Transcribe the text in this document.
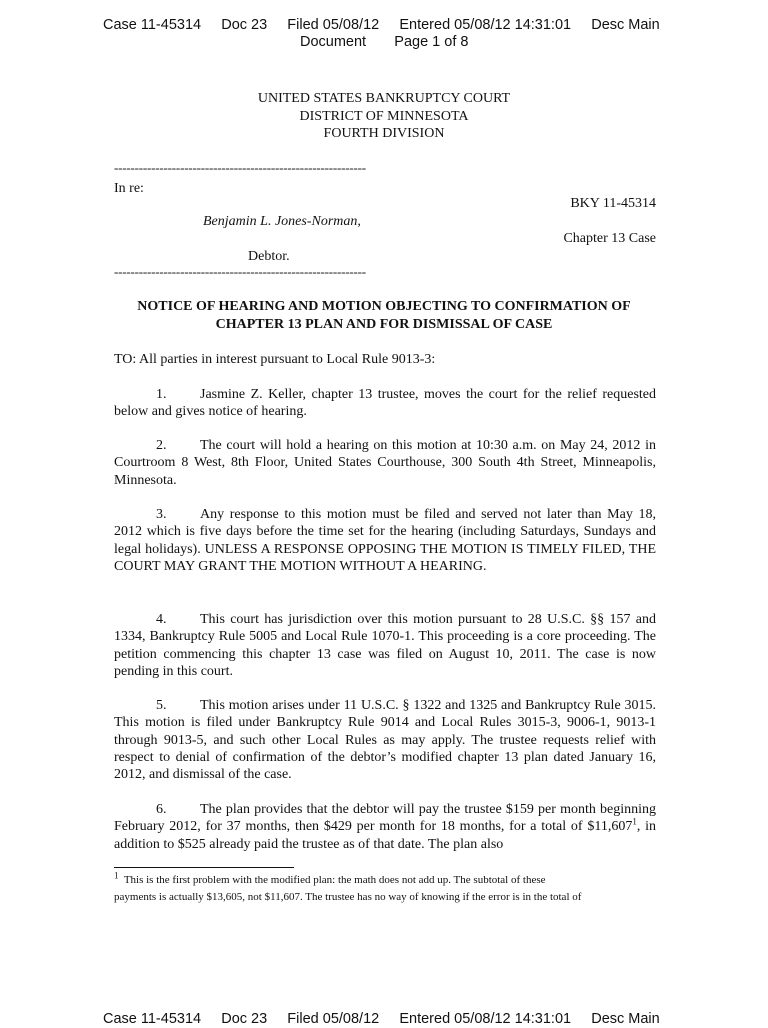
Case 11-45314     Doc 23     Filed 05/08/12     Entered 05/08/12 14:31:01     Desc Main
Document       Page 1 of 8
UNITED STATES BANKRUPTCY COURT
DISTRICT OF MINNESOTA
FOURTH DIVISION
-------------------------------------------------------------
In re:
BKY 11-45314
Benjamin L. Jones-Norman,
Chapter 13 Case
Debtor.
-------------------------------------------------------------
NOTICE OF HEARING AND MOTION OBJECTING TO CONFIRMATION OF
CHAPTER 13 PLAN AND FOR DISMISSAL OF CASE
TO: All parties in interest pursuant to Local Rule 9013-3:

1. Jasmine Z. Keller, chapter 13 trustee, moves the court for the relief requested below and gives notice of hearing.

2. The court will hold a hearing on this motion at 10:30 a.m. on May 24, 2012 in Courtroom 8 West, 8th Floor, United States Courthouse, 300 South 4th Street, Minneapolis, Minnesota.

3. Any response to this motion must be filed and served not later than May 18, 2012 which is five days before the time set for the hearing (including Saturdays, Sundays and legal holidays). UNLESS A RESPONSE OPPOSING THE MOTION IS TIMELY FILED, THE COURT MAY GRANT THE MOTION WITHOUT A HEARING.

4. This court has jurisdiction over this motion pursuant to 28 U.S.C. §§ 157 and 1334, Bankruptcy Rule 5005 and Local Rule 1070-1. This proceeding is a core proceeding. The petition commencing this chapter 13 case was filed on August 10, 2011. The case is now pending in this court.

5. This motion arises under 11 U.S.C. § 1322 and 1325 and Bankruptcy Rule 3015. This motion is filed under Bankruptcy Rule 9014 and Local Rules 3015-3, 9006-1, 9013-1 through 9013-5, and such other Local Rules as may apply. The trustee requests relief with respect to denial of confirmation of the debtor’s modified chapter 13 plan dated January 16, 2012, and dismissal of the case.

6. The plan provides that the debtor will pay the trustee $159 per month beginning February 2012, for 37 months, then $429 per month for 18 months, for a total of $11,607$^1$, in addition to $525 already paid the trustee as of that date. The plan also

$^1$ This is the first problem with the modified plan: the math does not add up. The subtotal of these
payments is actually $13,605, not $11,607. The trustee has no way of knowing if the error is in the total of
Case 11-45314     Doc 23     Filed 05/08/12     Entered 05/08/12 14:31:01     Desc Main
